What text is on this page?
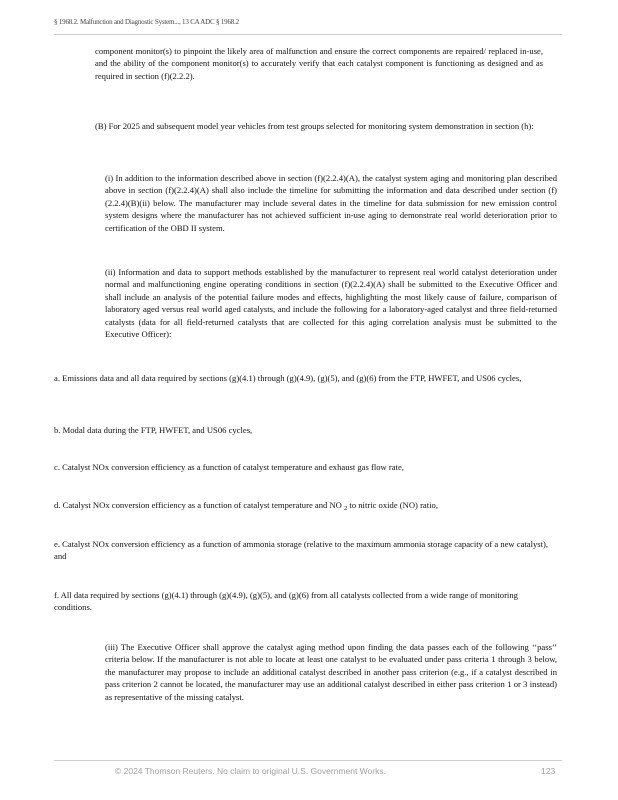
§ 1968.2. Malfunction and Diagnostic System..., 13 CA ADC § 1968.2

component monitor(s) to pinpoint the likely area of malfunction and ensure the correct components are repaired/ replaced in-use, and the ability of the component monitor(s) to accurately verify that each catalyst component is functioning as designed and as required in section (f)(2.2.2).

(B) For 2025 and subsequent model year vehicles from test groups selected for monitoring system demonstration in section (h):

(i) In addition to the information described above in section (f)(2.2.4)(A), the catalyst system aging and monitoring plan described above in section (f)(2.2.4)(A) shall also include the timeline for submitting the information and data described under section (f)(2.2.4)(B)(ii) below. The manufacturer may include several dates in the timeline for data submission for new emission control system designs where the manufacturer has not achieved sufficient in-use aging to demonstrate real world deterioration prior to certification of the OBD II system.

(ii) Information and data to support methods established by the manufacturer to represent real world catalyst deterioration under normal and malfunctioning engine operating conditions in section (f)(2.2.4)(A) shall be submitted to the Executive Officer and shall include an analysis of the potential failure modes and effects, highlighting the most likely cause of failure, comparison of laboratory aged versus real world aged catalysts, and include the following for a laboratory-aged catalyst and three field-returned catalysts (data for all field-returned catalysts that are collected for this aging correlation analysis must be submitted to the Executive Officer):

a. Emissions data and all data required by sections (g)(4.1) through (g)(4.9), (g)(5), and (g)(6) from the FTP, HWFET, and US06 cycles,

b. Modal data during the FTP, HWFET, and US06 cycles,

c. Catalyst NOx conversion efficiency as a function of catalyst temperature and exhaust gas flow rate,

d. Catalyst NOx conversion efficiency as a function of catalyst temperature and NO $_2$ to nitric oxide (NO) ratio,

e. Catalyst NOx conversion efficiency as a function of ammonia storage (relative to the maximum ammonia storage capacity of a new catalyst), and

f. All data required by sections (g)(4.1) through (g)(4.9), (g)(5), and (g)(6) from all catalysts collected from a wide range of monitoring conditions.

(iii) The Executive Officer shall approve the catalyst aging method upon finding the data passes each of the following ‘‘pass’’ criteria below. If the manufacturer is not able to locate at least one catalyst to be evaluated under pass criteria 1 through 3 below, the manufacturer may propose to include an additional catalyst described in another pass criterion (e.g., if a catalyst described in pass criterion 2 cannot be located, the manufacturer may use an additional catalyst described in either pass criterion 1 or 3 instead) as representative of the missing catalyst.

© 2024 Thomson Reuters. No claim to original U.S. Government Works.	123
